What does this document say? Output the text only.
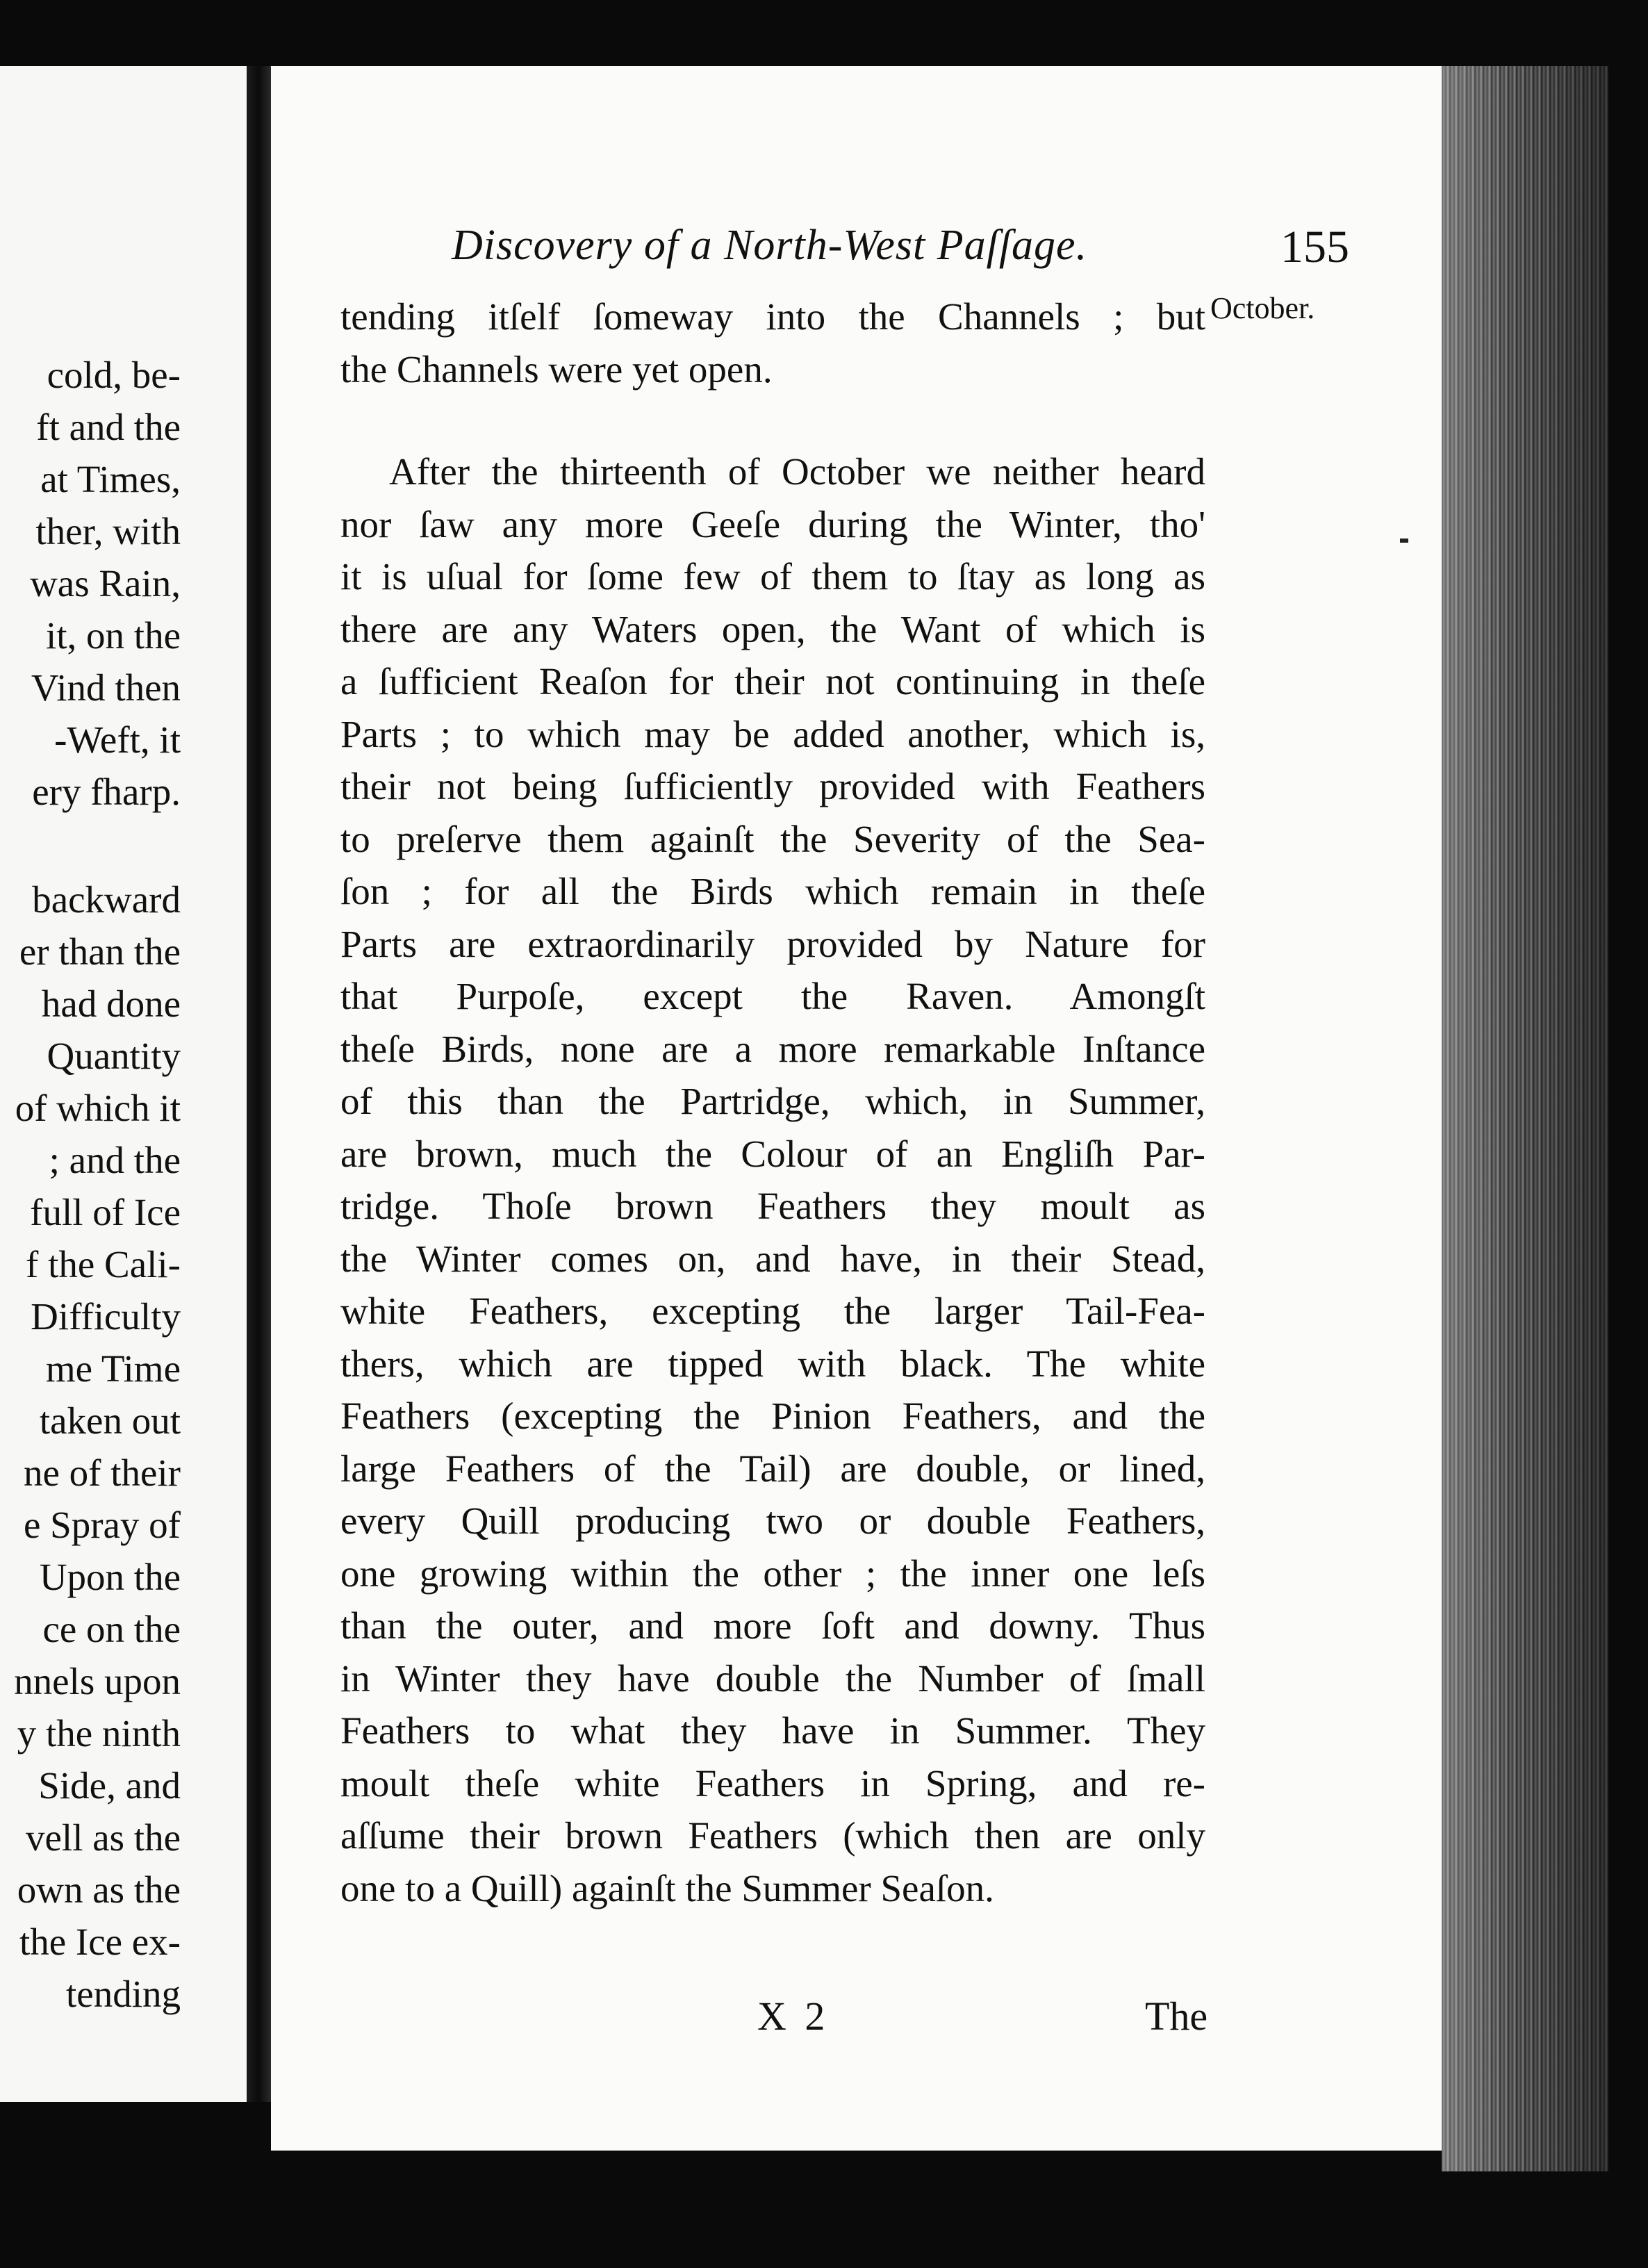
cold, be-
ft and the
at Times,
ther, with
was Rain,
it, on the
Vind then
-Weft, it
ery fharp.
backward
er than the
had done
Quantity
of which it
; and the
full of Ice
f the Cali-
Difficulty
me Time
taken out
ne of their
e Spray of
Upon the
ce on the
nnels upon
y the ninth
Side, and
vell as the
own as the
the Ice ex-
tending
Discovery of a North-West Paſſage.	155
October.
tending itſelf ſomeway into the Channels ; but
the Channels were yet open.
After the thirteenth of October we neither heard
nor ſaw any more Geeſe during the Winter, tho'
it is uſual for ſome few of them to ſtay as long as
there are any Waters open, the Want of which is
a ſufficient Reaſon for their not continuing in theſe
Parts ; to which may be added another, which is,
their not being ſufficiently provided with Feathers
to preſerve them againſt the Severity of the Sea-
ſon ; for all the Birds which remain in theſe
Parts are extraordinarily provided by Nature for
that Purpoſe, except the Raven. Amongſt
theſe Birds, none are a more remarkable Inſtance
of this than the Partridge, which, in Summer,
are brown, much the Colour of an Engliſh Par-
tridge. Thoſe brown Feathers they moult as
the Winter comes on, and have, in their Stead,
white Feathers, excepting the larger Tail-Fea-
thers, which are tipped with black. The white
Feathers (excepting the Pinion Feathers, and the
large Feathers of the Tail) are double, or lined,
every Quill producing two or double Feathers,
one growing within the other ; the inner one leſs
than the outer, and more ſoft and downy. Thus
in Winter they have double the Number of ſmall
Feathers to what they have in Summer. They
moult theſe white Feathers in Spring, and re-
aſſume their brown Feathers (which then are only
one to a Quill) againſt the Summer Seaſon.
X 2	The
